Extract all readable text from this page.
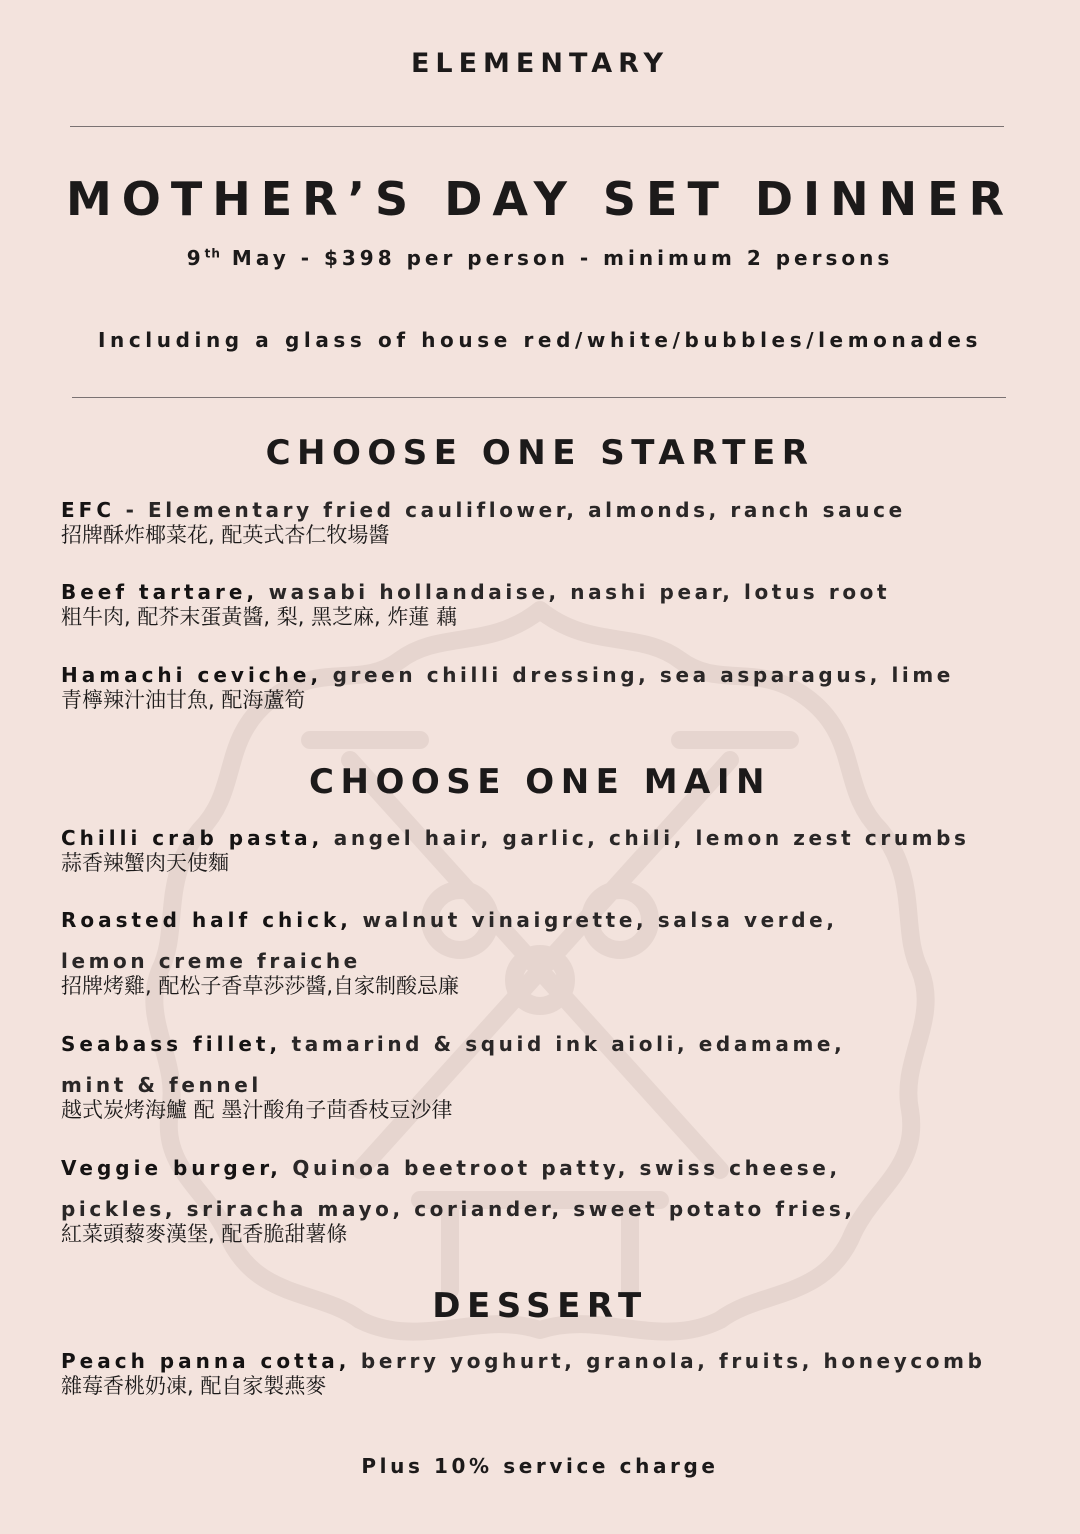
ELEMENTARY
MOTHER’S DAY SET DINNER
9th May - $398 per person - minimum 2 persons
Including a glass of house red/white/bubbles/lemonades
CHOOSE ONE STARTER
EFC - Elementary fried cauliflower, almonds, ranch sauce
招牌酥炸椰菜花, 配英式杏仁牧場醬
Beef tartare, wasabi hollandaise, nashi pear, lotus root
粗牛肉, 配芥末蛋黃醬, 梨, 黑芝麻, 炸蓮 藕
Hamachi ceviche, green chilli dressing, sea asparagus, lime
青檸辣汁油甘魚, 配海蘆筍
CHOOSE ONE MAIN
Chilli crab pasta, angel hair, garlic, chili, lemon zest crumbs
蒜香辣蟹肉天使麵
Roasted half chick, walnut vinaigrette, salsa verde,
lemon creme fraiche
招牌烤雞, 配松子香草莎莎醬,自家制酸忌廉
Seabass fillet, tamarind & squid ink aioli, edamame,
mint & fennel
越式炭烤海鱸 配 墨汁酸角子茴香枝豆沙律
Veggie burger, Quinoa beetroot patty, swiss cheese,
pickles, sriracha mayo, coriander, sweet potato fries,
紅菜頭藜麥漢堡, 配香脆甜薯條
DESSERT
Peach panna cotta, berry yoghurt, granola, fruits, honeycomb
雜莓香桃奶凍, 配自家製燕麥
Plus 10% service charge
